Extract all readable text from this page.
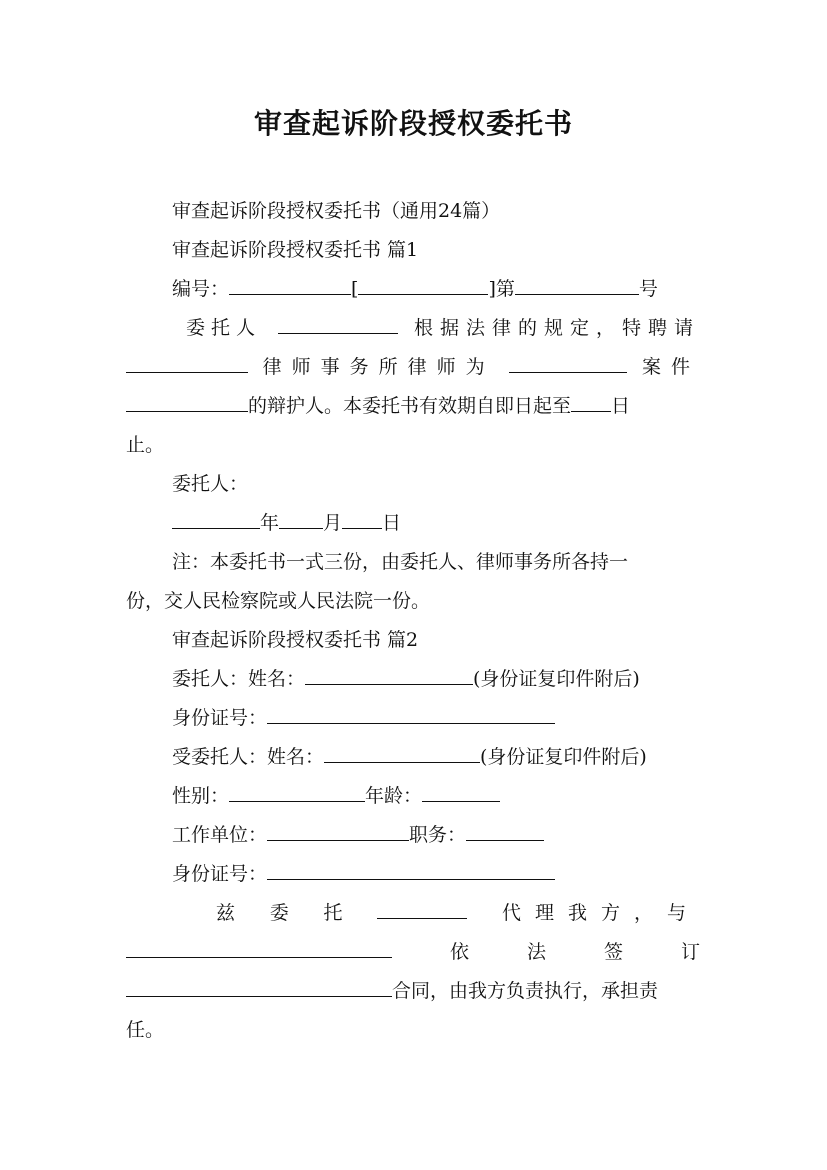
审查起诉阶段授权委托书
审查起诉阶段授权委托书（通用24篇）
审查起诉阶段授权委托书 篇1
编号：	[	]第	号
委托人	根据法律的规定，特聘请
律师事务所律师为	案件
的辩护人。本委托书有效期自即日起至 日
止。
委托人：
年 月 日
注：本委托书一式三份，由委托人、律师事务所各持一
份，交人民检察院或人民法院一份。
审查起诉阶段授权委托书 篇2
委托人：姓名：	(身份证复印件附后)
身份证号：
受委托人：姓名：	(身份证复印件附后)
性别：	年龄：
工作单位：	职务：
身份证号：
兹 委 托	代理我方，与
依	法	签	订
合同，由我方负责执行，承担责
任。
